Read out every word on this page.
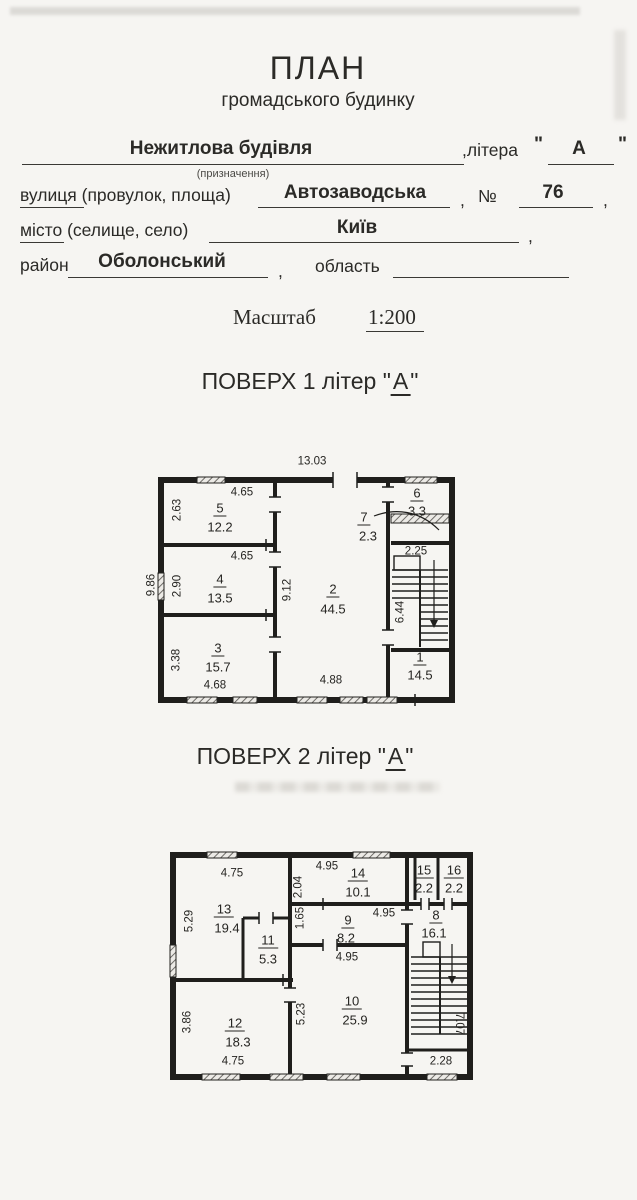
ПЛАН
громадського будинку
Нежитлова будівля
(призначення)
,літера " А "
вулиця (провулок, площа)	Автозаводська , № 76 ,
місто (селище, село)	Київ	,
район Оболонський	, область
Масштаб 1:200
ПОВЕРХ 1 літер "А"
13.03
9.86
5
12.2
4.65
2.63
4
13.5
4.65
2.90
3
15.7
3.38
4.68
2
44.5
9.12
4.88
7
2.3
6
3.3
1
14.5
2.25
6.44
ПОВЕРХ 2 літер "А"
13
19.4
4.75
5.29
14
10.1
4.95
2.04
15
2.2
16
2.2
9
8.2
4.95
1.65	8
16.1
11
5.3
10
25.9
4.95
5.23
12
18.3
3.86
4.75
7.07
2.28
